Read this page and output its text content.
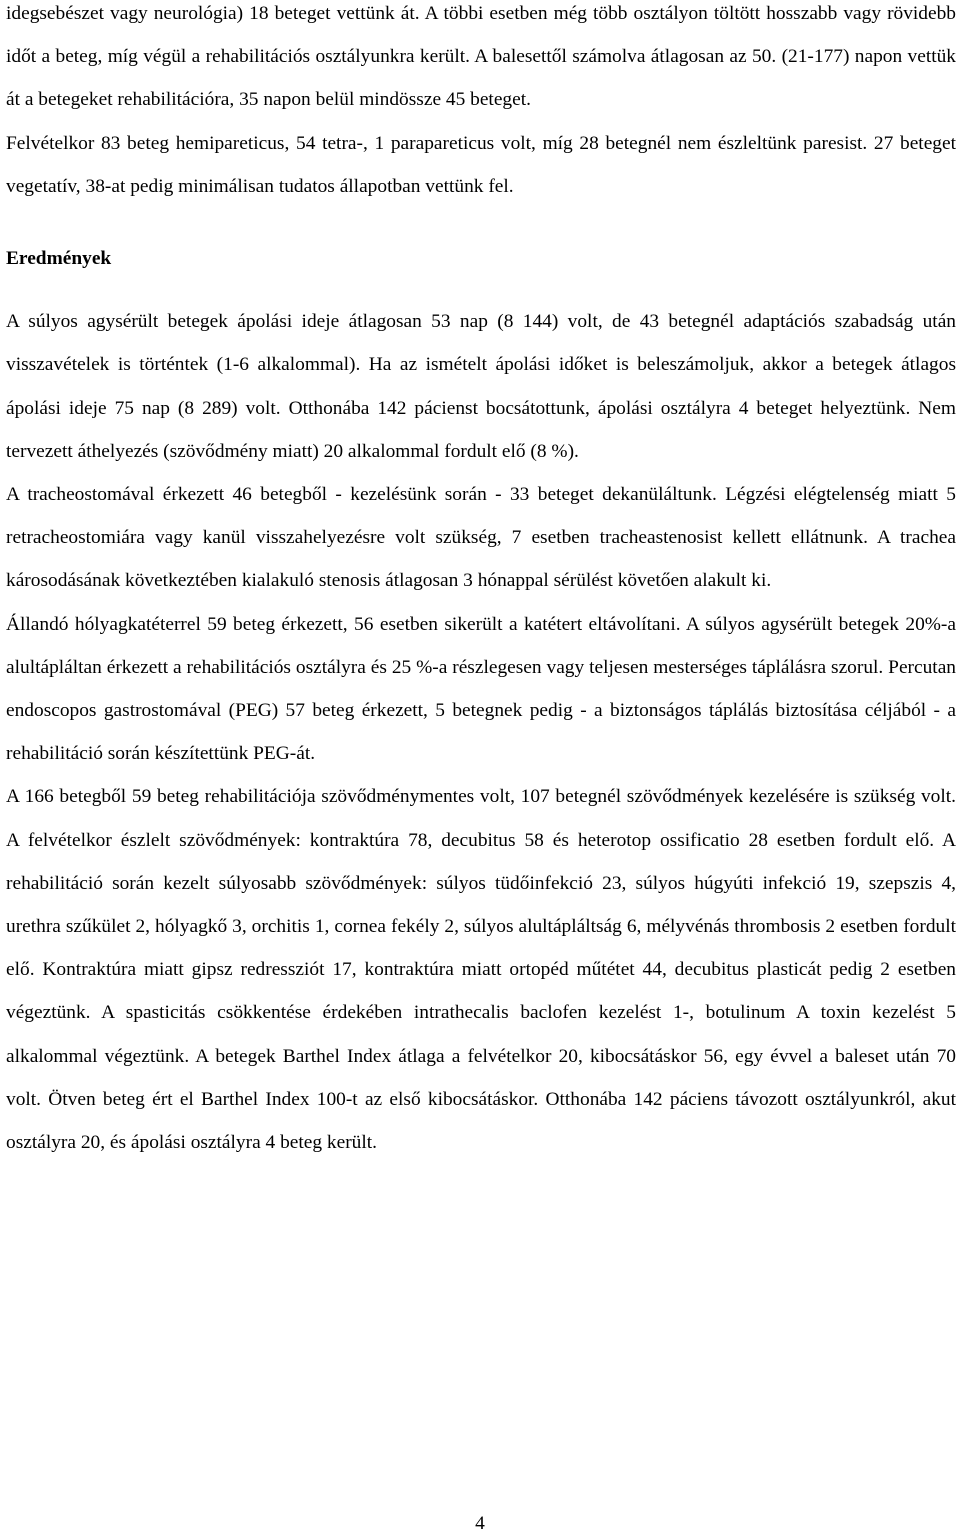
idegsebészet vagy neurológia) 18 beteget vettünk át. A többi esetben még több osztályon töltött hosszabb vagy rövidebb időt a beteg, míg végül a rehabilitációs osztályunkra került. A balesettől számolva átlagosan az 50. (21-177) napon vettük át a betegeket rehabilitációra, 35 napon belül mindössze 45 beteget.

Felvételkor 83 beteg hemipareticus, 54 tetra-, 1 parapareticus volt, míg 28 betegnél nem észleltünk paresist. 27 beteget vegetatív, 38-at pedig minimálisan tudatos állapotban vettünk fel.

Eredmények

A súlyos agysérült betegek ápolási ideje átlagosan 53 nap (8 144) volt, de 43 betegnél adaptációs szabadság után visszavételek is történtek (1-6 alkalommal). Ha az ismételt ápolási időket is beleszámoljuk, akkor a betegek átlagos ápolási ideje 75 nap (8 289) volt. Otthonába 142 pácienst bocsátottunk, ápolási osztályra 4 beteget helyeztünk. Nem tervezett áthelyezés (szövődmény miatt) 20 alkalommal fordult elő (8 %).

A tracheostomával érkezett 46 betegből - kezelésünk során - 33 beteget dekanüláltunk. Légzési elégtelenség miatt 5 retracheostomiára vagy kanül visszahelyezésre volt szükség, 7 esetben tracheastenosist kellett ellátnunk. A trachea károsodásának következtében kialakuló stenosis átlagosan 3 hónappal sérülést követően alakult ki.

Állandó hólyagkatéterrel 59 beteg érkezett, 56 esetben sikerült a katétert eltávolítani. A súlyos agysérült betegek 20%-a alultápláltan érkezett a rehabilitációs osztályra és 25 %-a részlegesen vagy teljesen mesterséges táplálásra szorul. Percutan endoscopos gastrostomával (PEG) 57 beteg érkezett, 5 betegnek pedig - a biztonságos táplálás biztosítása céljából - a rehabilitáció során készítettünk PEG-át.

A 166 betegből 59 beteg rehabilitációja szövődménymentes volt, 107 betegnél szövődmények kezelésére is szükség volt. A felvételkor észlelt szövődmények: kontraktúra 78, decubitus 58 és heterotop ossificatio 28 esetben fordult elő. A rehabilitáció során kezelt súlyosabb szövődmények: súlyos tüdőinfekció 23, súlyos húgyúti infekció 19, szepszis 4, urethra szűkület 2, hólyagkő 3, orchitis 1, cornea fekély 2, súlyos alultápláltság 6, mélyvénás thrombosis 2 esetben fordult elő. Kontraktúra miatt gipsz redressziót 17, kontraktúra miatt ortopéd műtétet 44, decubitus plasticát pedig 2 esetben végeztünk. A spasticitás csökkentése érdekében intrathecalis baclofen kezelést 1-, botulinum A toxin kezelést 5 alkalommal végeztünk. A betegek Barthel Index átlaga a felvételkor 20, kibocsátáskor 56, egy évvel a baleset után 70 volt. Ötven beteg ért el Barthel Index 100-t az első kibocsátáskor. Otthonába 142 páciens távozott osztályunkról, akut osztályra 20, és ápolási osztályra 4 beteg került.

4
